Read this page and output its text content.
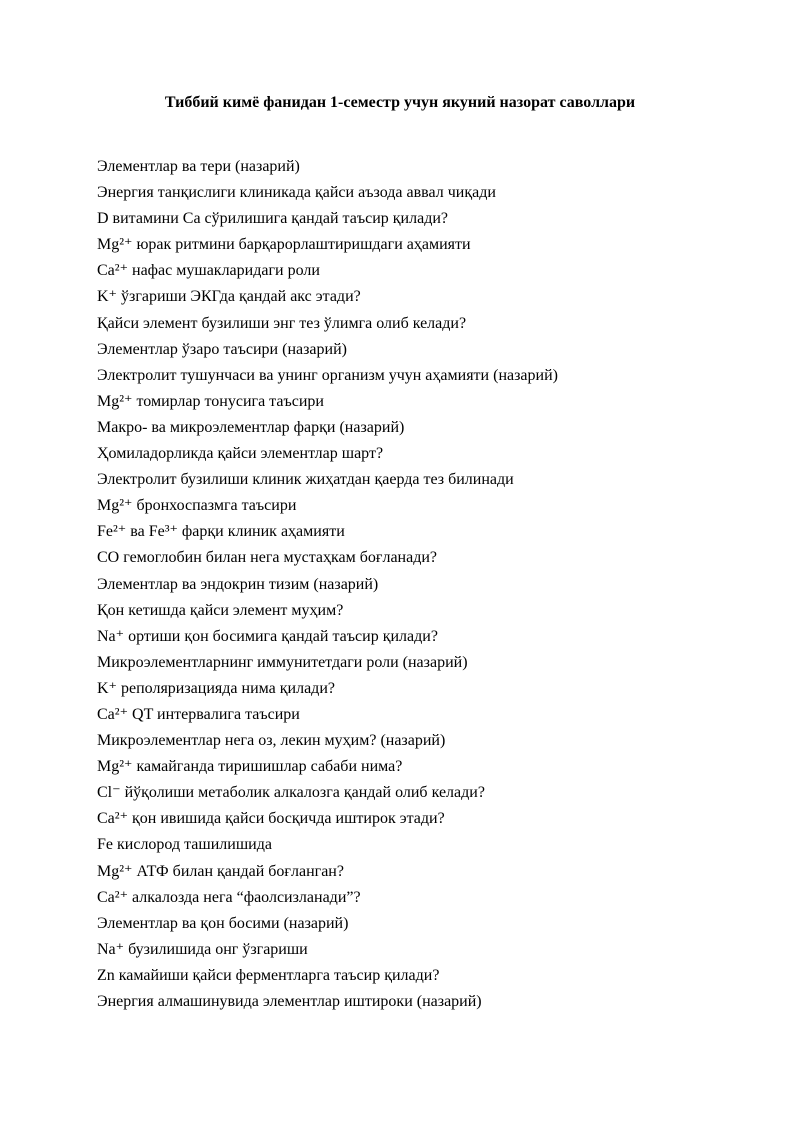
Тиббий кимё фанидан 1-семестр учун якуний назорат саволлари
Элементлар ва тери (назарий)
Энергия танқислиги клиникада қайси аъзода аввал чиқади
D витамини Ca сўрилишига қандай таъсир қилади?
Mg²⁺ юрак ритмини барқарорлаштиришдаги аҳамияти
Ca²⁺ нафас мушакларидаги роли
K⁺ ўзгариши ЭКГда қандай акс этади?
Қайси элемент бузилиши энг тез ўлимга олиб келади?
Элементлар ўзаро таъсири (назарий)
Электролит тушунчаси ва унинг организм учун аҳамияти (назарий)
Mg²⁺ томирлар тонусига таъсири
Макро- ва микроэлементлар фарқи (назарий)
Ҳомиладорликда қайси элементлар шарт?
Электролит бузилиши клиник жиҳатдан қаерда тез билинади
Mg²⁺ бронхоспазмга таъсири
Fe²⁺ ва Fe³⁺ фарқи клиник аҳамияти
CO гемоглобин билан нега мустаҳкам боғланади?
Элементлар ва эндокрин тизим (назарий)
Қон кетишда қайси элемент муҳим?
Na⁺ ортиши қон босимига қандай таъсир қилади?
Микроэлементларнинг иммунитетдаги роли (назарий)
K⁺ реполяризацияда нима қилади?
Ca²⁺ QT интервалига таъсири
Микроэлементлар нега оз, лекин муҳим? (назарий)
Mg²⁺ камайганда тиришишлар сабаби нима?
Cl⁻ йўқолиши метаболик алкалозга қандай олиб келади?
Ca²⁺ қон ивишида қайси босқичда иштирок этади?
Fe кислород ташилишида
Mg²⁺ АТФ билан қандай боғланган?
Ca²⁺ алкалозда нега “фаолсизланади”?
Элементлар ва қон босими (назарий)
Na⁺ бузилишида онг ўзгариши
Zn камайиши қайси ферментларга таъсир қилади?
Энергия алмашинувида элементлар иштироки (назарий)
